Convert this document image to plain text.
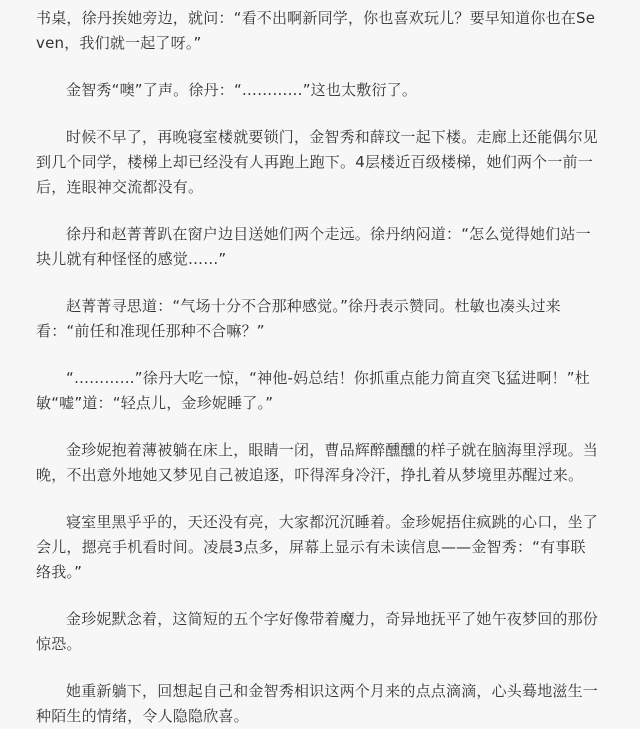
书桌，徐丹挨她旁边，就问：“看不出啊新同学，你也喜欢玩儿？要早知道你也在Seven，我们就一起了呀。”

金智秀“噢”了声。徐丹：“…………”这也太敷衍了。

时候不早了，再晚寝室楼就要锁门，金智秀和薛玟一起下楼。走廊上还能偶尔见到几个同学，楼梯上却已经没有人再跑上跑下。4层楼近百级楼梯，她们两个一前一后，连眼神交流都没有。

徐丹和赵菁菁趴在窗户边目送她们两个走远。徐丹纳闷道：“怎么觉得她们站一块儿就有种怪怪的感觉……”

赵菁菁寻思道：“气场十分不合那种感觉。”徐丹表示赞同。杜敏也凑头过来看：“前任和准现任那种不合嘛？”

“…………”徐丹大吃一惊，“神他-妈总结！你抓重点能力简直突飞猛进啊！”杜敏“嘘”道：“轻点儿，金珍妮睡了。”

金珍妮抱着薄被躺在床上，眼睛一闭，曹品辉醉醺醺的样子就在脑海里浮现。当晚，不出意外地她又梦见自己被追逐，吓得浑身冷汗，挣扎着从梦境里苏醒过来。

寝室里黑乎乎的，天还没有亮，大家都沉沉睡着。金珍妮捂住疯跳的心口，坐了会儿，摁亮手机看时间。凌晨3点多，屏幕上显示有未读信息——金智秀：“有事联络我。”

金珍妮默念着，这简短的五个字好像带着魔力，奇异地抚平了她午夜梦回的那份惊恐。

她重新躺下，回想起自己和金智秀相识这两个月来的点点滴滴，心头蓦地滋生一种陌生的情绪，令人隐隐欣喜。
